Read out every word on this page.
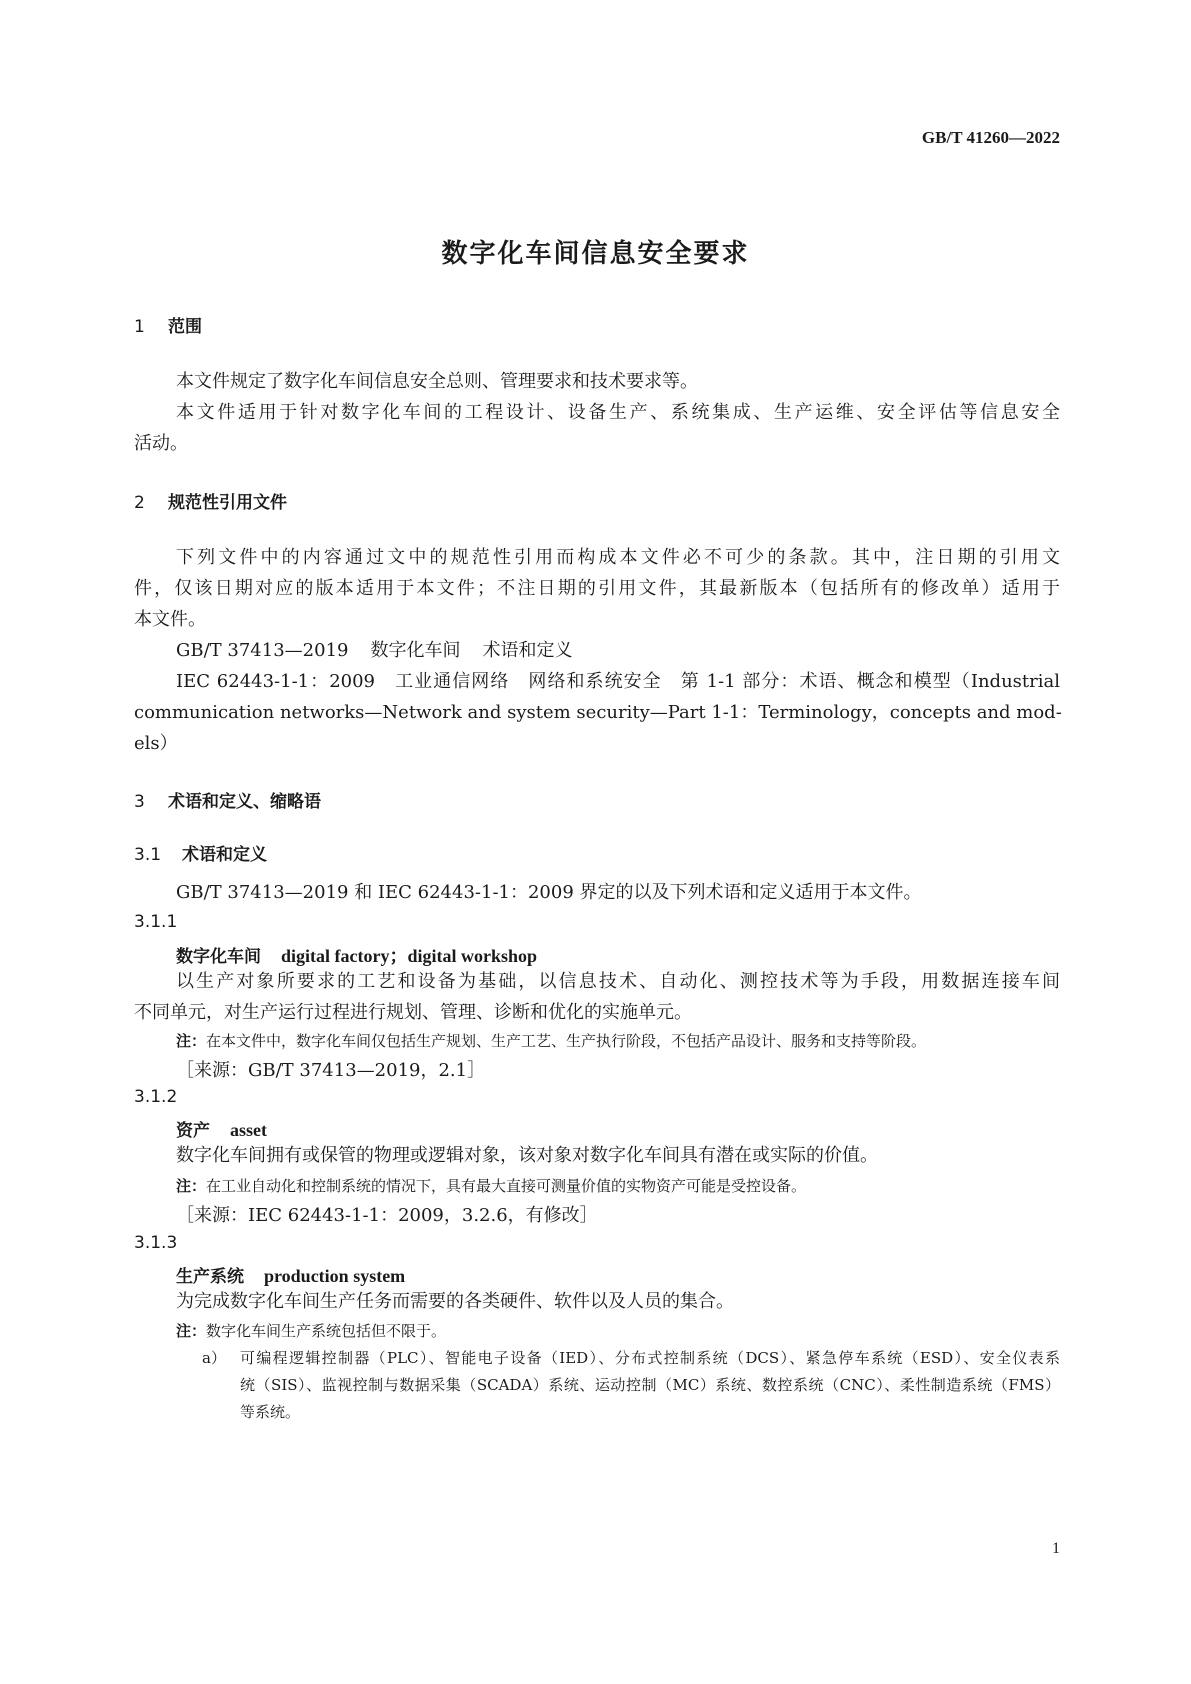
GB/T 41260—2022
数字化车间信息安全要求
1 范围
本文件规定了数字化车间信息安全总则、管理要求和技术要求等。
本文件适用于针对数字化车间的工程设计、设备生产、系统集成、生产运维、安全评估等信息安全
活动。
2 规范性引用文件
下列文件中的内容通过文中的规范性引用而构成本文件必不可少的条款。其中，注日期的引用文
件，仅该日期对应的版本适用于本文件；不注日期的引用文件，其最新版本（包括所有的修改单）适用于
本文件。
GB/T 37413—2019 数字化车间 术语和定义
IEC 62443-1-1：2009　工业通信网络　网络和系统安全　第 1-1 部分：术语、概念和模型（Industrial
communication networks—Network and system security—Part 1-1：Terminology，concepts and mod-
els）
3 术语和定义、缩略语
3.1 术语和定义
GB/T 37413—2019 和 IEC 62443-1-1：2009 界定的以及下列术语和定义适用于本文件。
3.1.1
数字化车间 digital factory；digital workshop
以生产对象所要求的工艺和设备为基础，以信息技术、自动化、测控技术等为手段，用数据连接车间
不同单元，对生产运行过程进行规划、管理、诊断和优化的实施单元。
注：在本文件中，数字化车间仅包括生产规划、生产工艺、生产执行阶段，不包括产品设计、服务和支持等阶段。
［来源：GB/T 37413—2019，2.1］
3.1.2
资产 asset
数字化车间拥有或保管的物理或逻辑对象，该对象对数字化车间具有潜在或实际的价值。
注：在工业自动化和控制系统的情况下，具有最大直接可测量价值的实物资产可能是受控设备。
［来源：IEC 62443-1-1：2009，3.2.6，有修改］
3.1.3
生产系统 production system
为完成数字化车间生产任务而需要的各类硬件、软件以及人员的集合。
注：数字化车间生产系统包括但不限于。
a） 可编程逻辑控制器（PLC）、智能电子设备（IED）、分布式控制系统（DCS）、紧急停车系统（ESD）、安全仪表系
统（SIS）、监视控制与数据采集（SCADA）系统、运动控制（MC）系统、数控系统（CNC）、柔性制造系统（FMS）
等系统。
1
